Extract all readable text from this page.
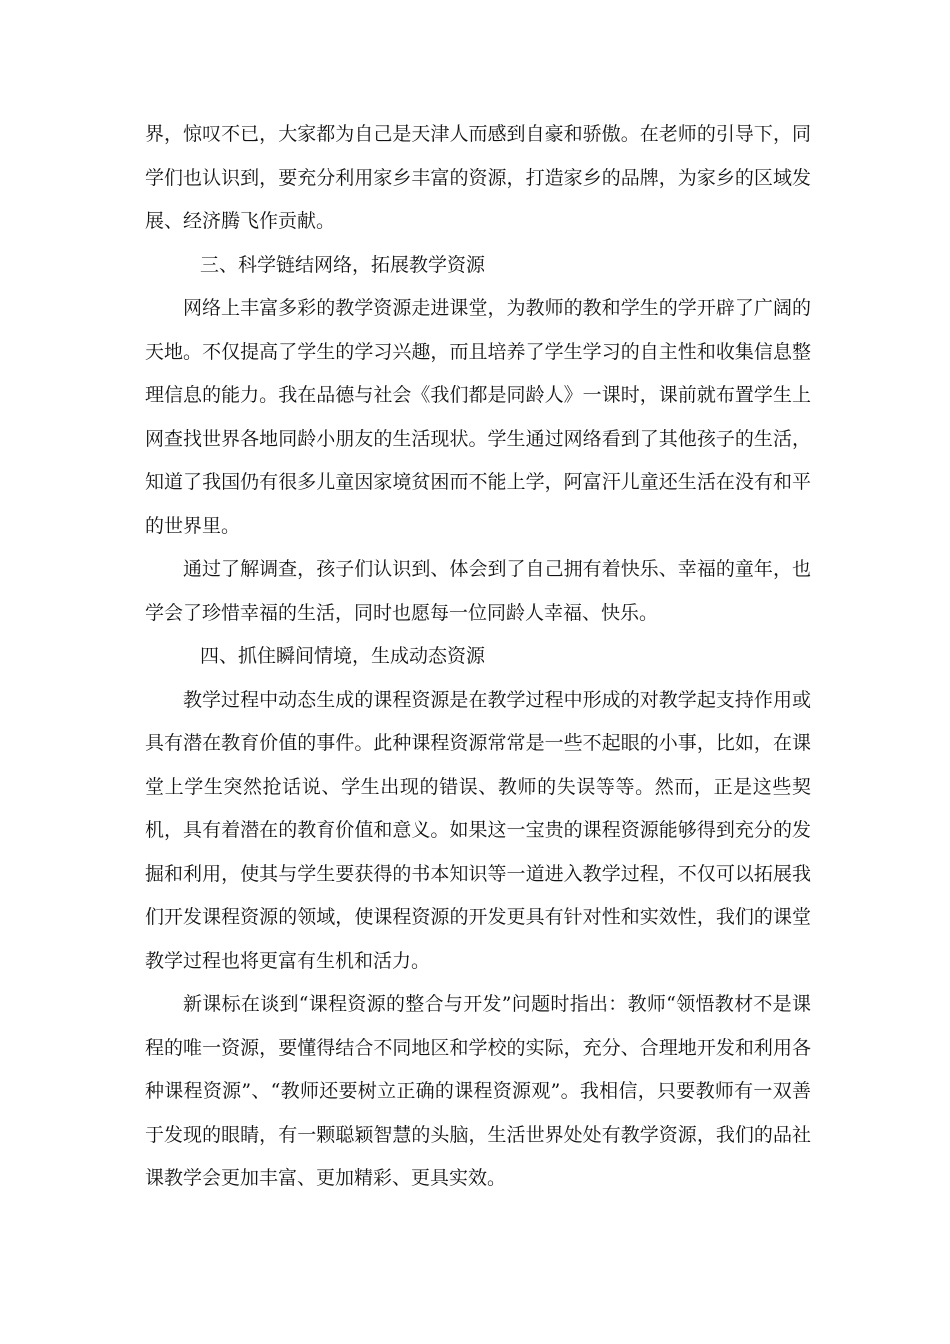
界，惊叹不已，大家都为自己是天津人而感到自豪和骄傲。在老师的引导下，同学们也认识到，要充分利用家乡丰富的资源，打造家乡的品牌，为家乡的区域发展、经济腾飞作贡献。

三、科学链结网络，拓展教学资源

网络上丰富多彩的教学资源走进课堂，为教师的教和学生的学开辟了广阔的天地。不仅提高了学生的学习兴趣，而且培养了学生学习的自主性和收集信息整理信息的能力。我在品德与社会《我们都是同龄人》一课时，课前就布置学生上网查找世界各地同龄小朋友的生活现状。学生通过网络看到了其他孩子的生活，知道了我国仍有很多儿童因家境贫困而不能上学，阿富汗儿童还生活在没有和平的世界里。

通过了解调查，孩子们认识到、体会到了自己拥有着快乐、幸福的童年，也学会了珍惜幸福的生活，同时也愿每一位同龄人幸福、快乐。

四、抓住瞬间情境，生成动态资源

教学过程中动态生成的课程资源是在教学过程中形成的对教学起支持作用或具有潜在教育价值的事件。此种课程资源常常是一些不起眼的小事，比如，在课堂上学生突然抢话说、学生出现的错误、教师的失误等等。然而，正是这些契机，具有着潜在的教育价值和意义。如果这一宝贵的课程资源能够得到充分的发掘和利用，使其与学生要获得的书本知识等一道进入教学过程，不仅可以拓展我们开发课程资源的领域，使课程资源的开发更具有针对性和实效性，我们的课堂教学过程也将更富有生机和活力。

新课标在谈到“课程资源的整合与开发”问题时指出：教师“领悟教材不是课程的唯一资源，要懂得结合不同地区和学校的实际，充分、合理地开发和利用各种课程资源”、“教师还要树立正确的课程资源观”。我相信，只要教师有一双善于发现的眼睛，有一颗聪颖智慧的头脑，生活世界处处有教学资源，我们的品社课教学会更加丰富、更加精彩、更具实效。
